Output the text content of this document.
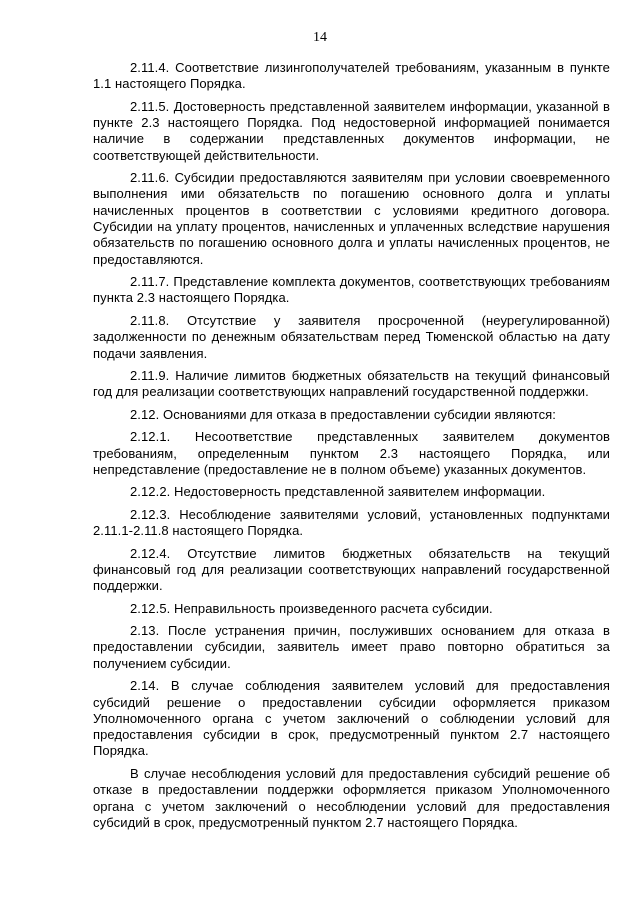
14

2.11.4. Соответствие лизингополучателей требованиям, указанным в пункте 1.1 настоящего Порядка.

2.11.5. Достоверность представленной заявителем информации, указанной в пункте 2.3 настоящего Порядка. Под недостоверной информацией понимается наличие в содержании представленных документов информации, не соответствующей действительности.

2.11.6. Субсидии предоставляются заявителям при условии своевременного выполнения ими обязательств по погашению основного долга и уплаты начисленных процентов в соответствии с условиями кредитного договора. Субсидии на уплату процентов, начисленных и уплаченных вследствие нарушения обязательств по погашению основного долга и уплаты начисленных процентов, не предоставляются.

2.11.7. Представление комплекта документов, соответствующих требованиям пункта 2.3 настоящего Порядка.

2.11.8. Отсутствие у заявителя просроченной (неурегулированной) задолженности по денежным обязательствам перед Тюменской областью на дату подачи заявления.

2.11.9. Наличие лимитов бюджетных обязательств на текущий финансовый год для реализации соответствующих направлений государственной поддержки.

2.12. Основаниями для отказа в предоставлении субсидии являются:

2.12.1. Несоответствие представленных заявителем документов требованиям, определенным пунктом 2.3 настоящего Порядка, или непредставление (предоставление не в полном объеме) указанных документов.

2.12.2. Недостоверность представленной заявителем информации.

2.12.3. Несоблюдение заявителями условий, установленных подпунктами 2.11.1-2.11.8 настоящего Порядка.

2.12.4. Отсутствие лимитов бюджетных обязательств на текущий финансовый год для реализации соответствующих направлений государственной поддержки.

2.12.5. Неправильность произведенного расчета субсидии.

2.13. После устранения причин, послуживших основанием для отказа в предоставлении субсидии, заявитель имеет право повторно обратиться за получением субсидии.

2.14. В случае соблюдения заявителем условий для предоставления субсидий решение о предоставлении субсидии оформляется приказом Уполномоченного органа с учетом заключений о соблюдении условий для предоставления субсидии в срок, предусмотренный пунктом 2.7 настоящего Порядка.

В случае несоблюдения условий для предоставления субсидий решение об отказе в предоставлении поддержки оформляется приказом Уполномоченного органа с учетом заключений о несоблюдении условий для предоставления субсидий в срок, предусмотренный пунктом 2.7 настоящего Порядка.
